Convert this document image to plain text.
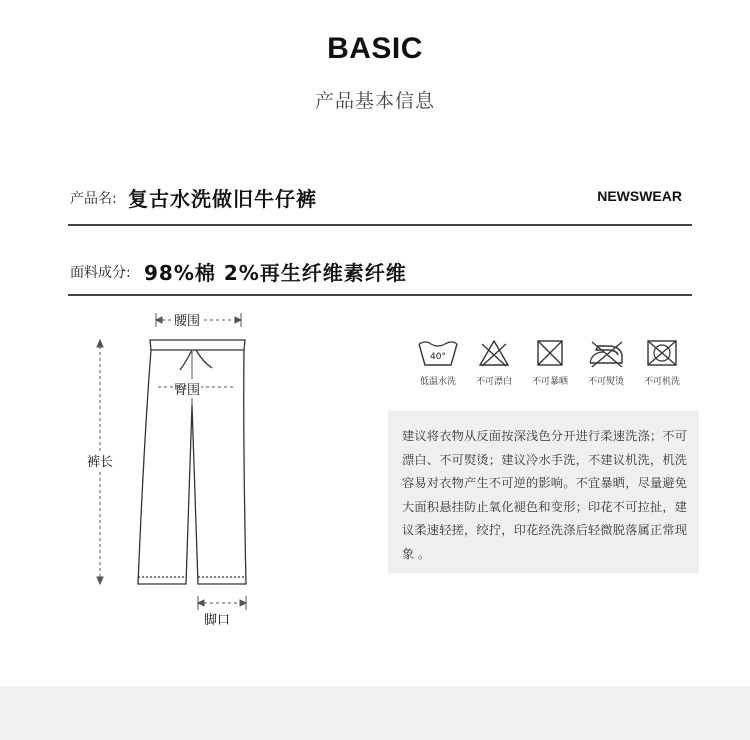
BASIC
产品基本信息
产品名: 复古水洗做旧牛仔裤	NEWSWEAR
面料成分: 98%棉 2%再生纤维素纤维
腰围
臀围
裤长
脚口
40°
低温水洗	不可漂白	不可暴晒	不可熨烫	不可机洗

建议将衣物从反面按深浅色分开进行柔速洗涤；不可漂白、不可熨烫；建议冷水手洗，不建议机洗，机洗容易对衣物产生不可逆的影响。不宜暴晒，尽量避免大面积悬挂防止氧化褪色和变形；印花不可拉扯，建议柔速轻搓，绞拧，印花经洗涤后轻微脱落属正常现象 。
